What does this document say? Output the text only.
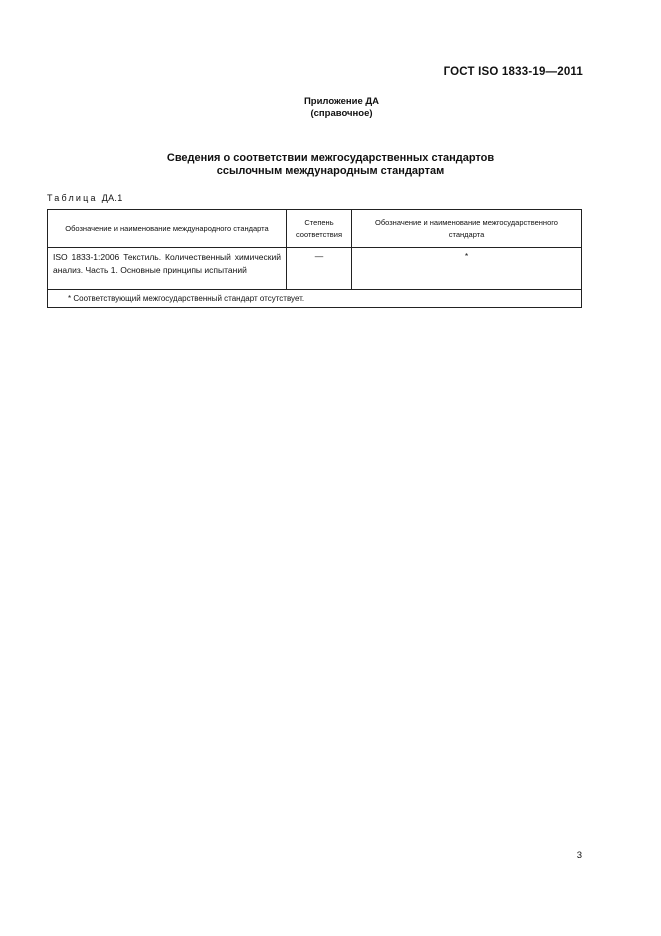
ГОСТ ISO 1833-19—2011
Приложение ДА
(справочное)
Сведения о соответствии межгосударственных стандартов
ссылочным международным стандартам
Таблица ДА.1
Обозначение и наименование международного стандарта	Степень соответствия	Обозначение и наименование межгосударственного стандарта
ISO 1833-1:2006 Текстиль. Количественный химический анализ. Часть 1. Основные принципы испытаний	—	*
* Соответствующий межгосударственный стандарт отсутствует.		
3
